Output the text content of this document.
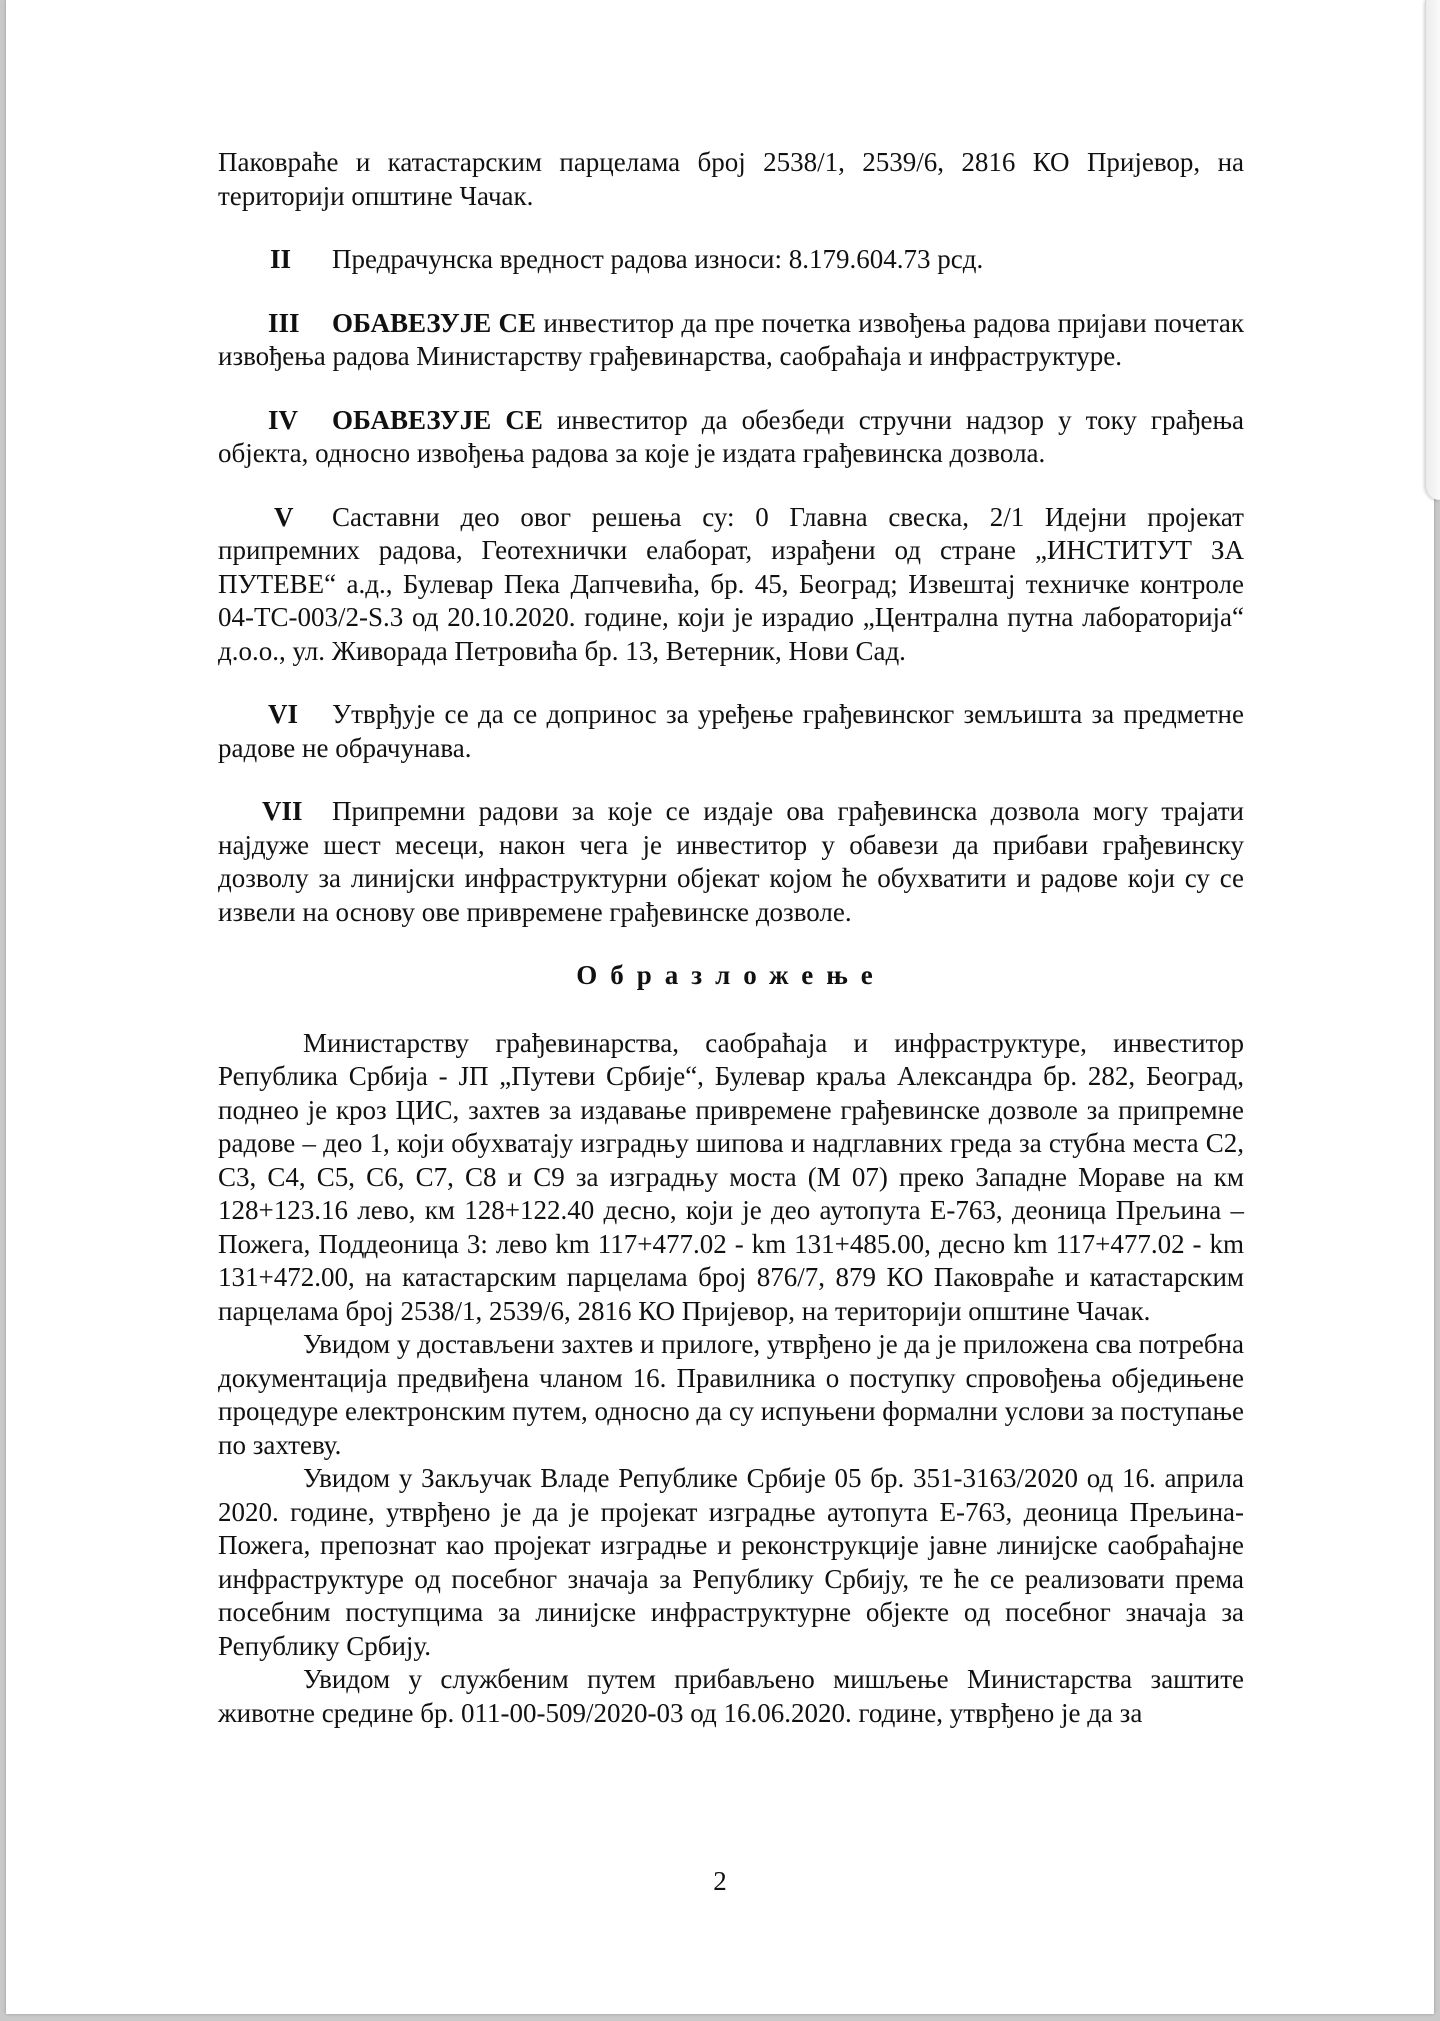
Паковраће и катастарским парцелама број 2538/1, 2539/6, 2816 КО Пријевор, на територији општине Чачак.

II Предрачунска вредност радова износи: 8.179.604.73 рсд.

III ОБАВЕЗУЈЕ СЕ инвеститор да пре почетка извођења радова пријави почетак извођења радова Министарству грађевинарства, саобраћаја и инфраструктуре.

IV ОБАВЕЗУЈЕ СЕ инвеститор да обезбеди стручни надзор у току грађења објекта, односно извођења радова за које је издата грађевинска дозвола.

V Саставни део овог решења су: 0 Главна свеска, 2/1 Идејни пројекат припремних радова, Геотехнички елаборат, израђени од стране „ИНСТИТУТ ЗА ПУТЕВЕ“ а.д., Булевар Пека Дапчевића, бр. 45, Београд; Извештај техничке контроле 04-ТС-003/2-S.3 од 20.10.2020. године, који је израдио „Централна путна лабораторија“ д.о.о., ул. Живорада Петровића бр. 13, Ветерник, Нови Сад.

VI Утврђује се да се допринос за уређење грађевинског земљишта за предметне радове не обрачунава.

VII Припремни радови за које се издаје ова грађевинска дозвола могу трајати најдуже шест месеци, након чега је инвеститор у обавези да прибави грађевинску дозволу за линијски инфраструктурни објекат којом ће обухватити и радове који су се извели на основу ове привремене грађевинске дозволе.

Образложење

Министарству грађевинарства, саобраћаја и инфраструктуре, инвеститор Република Србија - ЈП „Путеви Србије“, Булевар краља Александра бр. 282, Београд, поднео је кроз ЦИС, захтев за издавање привремене грађевинске дозволе за припремне радове – део 1, који обухватају изградњу шипова и надглавних греда за стубна места С2, С3, С4, С5, С6, С7, С8 и С9 за изградњу моста (М 07) преко Западне Мораве на км 128+123.16 лево, км 128+122.40 десно, који је део аутопута Е-763, деоница Прељина – Пожега, Поддеоница 3: лево km 117+477.02 - km 131+485.00, десно km 117+477.02 - km 131+472.00, на катастарским парцелама број 876/7, 879 КО Паковраће и катастарским парцелама број 2538/1, 2539/6, 2816 КО Пријевор, на територији општине Чачак.

Увидом у достављени захтев и прилоге, утврђено је да је приложена сва потребна документација предвиђена чланом 16. Правилника о поступку спровођења обједињене процедуре електронским путем, односно да су испуњени формални услови за поступање по захтеву.

Увидом у Закључак Владе Републике Србије 05 бр. 351-3163/2020 од 16. априла 2020. године, утврђено је да је пројекат изградње аутопута Е-763, деоница Прељина- Пожега, препознат као пројекат изградње и реконструкције јавне линијске саобраћајне инфраструктуре од посебног значаја за Републику Србију, те ће се реализовати према посебним поступцима за линијске инфраструктурне објекте од посебног значаја за Републику Србију.

Увидом у службеним путем прибављено мишљење Министарства заштите животне средине бр. 011-00-509/2020-03 од 16.06.2020. године, утврђено је да за

2
